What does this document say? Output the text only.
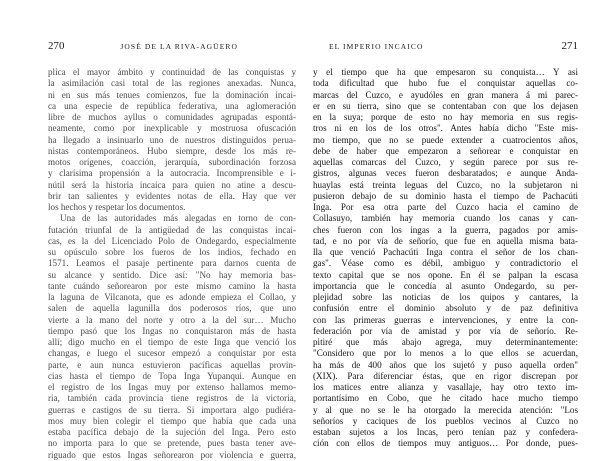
270	JOSÉ DE LA RIVA-AGÜERO
plica el mayor ámbito y continuidad de las conquistas y
la asimilación casi total de las regiones anexadas. Nunca,
ni en sus más tenues comienzos, fue la dominación incai-
ca una especie de república federativa, una aglomeración
libre de muchos ayllus o comunidades agrupadas espontá-
neamente, como por inexplicable y mostruosa ofuscación
ha llegado a insinuarlo uno de nuestros distinguidos perua-
nistas contemporáneos. Hubo siempre, desde los más re-
motos orígenes, coacción, jerarquía, subordinación forzosa
y clarísima propensión a la autocracia. Incomprensible e i-
nútil será la historia incaica para quien no atine a descu-
brir tan salientes y evidentes notas de ella. Hay que ver
los hechos y respetar los documentos.
Una de las autoridades más alegadas en torno de con-
futación triunfal de la antigüedad de las conquistas incai-
cas, es la del Licenciado Polo de Ondegardo, especialmente
su opúsculo sobre los fueros de los indios, fechado en
1571. Leamos el pasaje pertinente para darnos cuenta de
su alcance y sentido. Dice así: "No hay memoria bas-
tante cuándo señorearon por este mismo camino la hasta
la laguna de Vilcanota, que es adonde empieza el Collao, y
salen de aquella lagunilla dos poderosos ríos, que uno
vierte a la mano del norte y otro a la del sur… Mucho
tiempo pasó que los Ingas no conquistaron más de hasta
allí; digo mucho en el tiempo de este Inga que venció los
changas, e luego el sucesor empezó a conquistar por esta
parte, e aun nunca estuvieron pacíficas aquellas provin-
cias hasta el tiempo de Topa Inga Yupanqui. Aunque en
el registro de los Ingas muy por extenso hallamos memo-
ria, también cada provincia tiene registros de la victoria,
guerras e castigos de su tierra. Si importara algo pudiéra-
mos muy bien colegir el tiempo que había que cada una
estaba pacífica debajo de la sujeción del Inga. Pero esto
no importa para lo que se pretende, pues basta tener ave-
riguado que estos Ingas señorearon por violencia e guerra,
EL IMPERIO INCAICO	271
y el tiempo que ha que empesaron su conquista… Y asi
toda dificultad que hubo fue el conquistar aquellas co-
marcas del Cuzco, e ayudóles en gran manera á mi parec-
er en su tierra, sino que se contentaban con que los dejasen
en la suya; porque de esto no hay memoria en sus regis-
tros ni en los de los otros". Antes había dicho "Este mis-
mo tiempo, que no se puede extender a cuatrocientos años,
debe de haber que empezaron a señorear e conquistar en
aquellas comarcas del Cuzco, y según parece por sus re-
gistros, algunas veces fueron desbaratados; e aunque Anda-
huaylas está treinta leguas del Cuzco, no la subjetaron ni
pusieron debajo de su dominio hasta el tiempo de Pachacúti
Inga. Por esa otra parte del Cuzco hacia el camino de
Collasuyo, también hay memoria cuando los canas y can-
ches fueron con los ingas a la guerra, pagados por amis-
tad, e no por vía de señorío, que fue en aquella misma bata-
lla que venció Pachacúti Inga contra el señor de los chan-
gas". Véase como es débil, ambiguo y contradictorio el
texto capital que se nos opone. En él se palpan la escasa
importancia que le concedía al asunto Ondegardo, su per-
plejidad sobre las noticias de los quipos y cantares, la
confusión entre el dominio absoluto y de paz definitiva
con las primeras guerras e intervenciones, y entre la con-
federación por vía de amistad y por vía de señorío. Re-
pitiré que más abajo agrega, muy determinantemente:
"Considero que por lo menos a lo que ellos se acuerdan,
ha más de 400 años que los sujetó y puso aquella orden"
(XIX). Para diferenciar éstas, que en rigor discrepan por
los matices entre alianza y vasallaje, hay otro texto im-
portantísimo en Cobo, que he citado hace mucho tiempo
y al que no se le ha otorgado la merecida atención: "Los
señoríos y caciques de los pueblos vecinos al Cuzco no
estaban sujetos a los Incas, pero tenían paz y confedera-
ción con ellos de tiempos muy antiguos… Por donde, pues-
